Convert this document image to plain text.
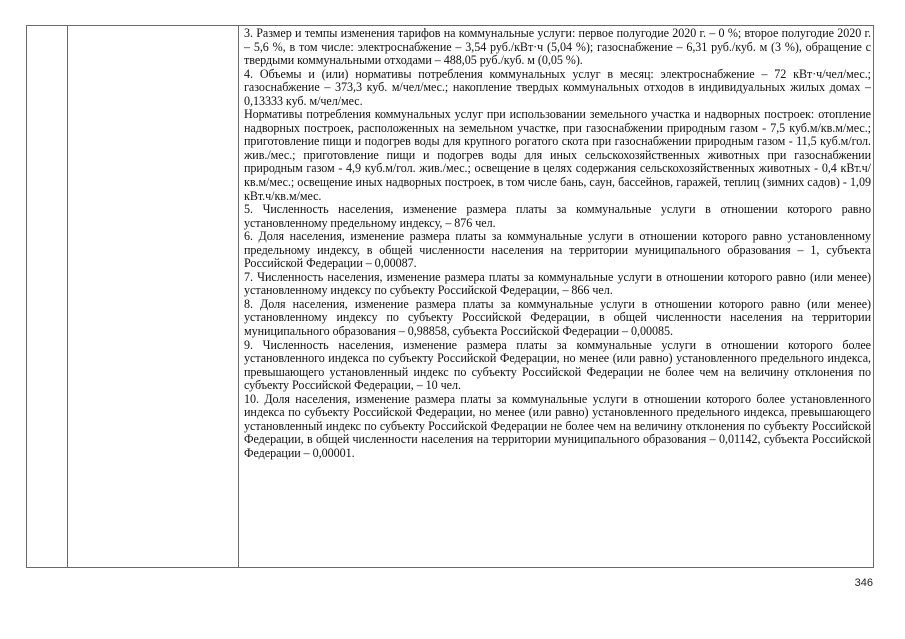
3. Размер и темпы изменения тарифов на коммунальные услуги: первое полугодие 2020 г. – 0 %; второе полугодие 2020 г. – 5,6 %, в том числе: электроснабжение – 3,54 руб./кВт·ч (5,04 %); газоснабжение – 6,31 руб./куб. м (3 %), обращение с твердыми коммунальными отходами – 488,05 руб./куб. м (0,05 %).

4. Объемы и (или) нормативы потребления коммунальных услуг в месяц: электроснабжение – 72 кВт·ч/чел/мес.; газоснабжение – 373,3 куб. м/чел/мес.; накопление твердых коммунальных отходов в индивидуальных жилых домах – 0,13333 куб. м/чел/мес.

Нормативы потребления коммунальных услуг при использовании земельного участка и надворных построек: отопление надворных построек, расположенных на земельном участке, при газоснабжении природным газом - 7,5 куб.м/кв.м/мес.; приготовление пищи и подогрев воды для крупного рогатого скота при газоснабжении природным газом - 11,5 куб.м/гол. жив./мес.; приготовление пищи и подогрев воды для иных сельскохозяйственных животных при газоснабжении природным газом - 4,9 куб.м/гол. жив./мес.; освещение в целях содержания сельскохозяйственных животных - 0,4 кВт.ч/кв.м/мес.; освещение иных надворных построек, в том числе бань, саун, бассейнов, гаражей, теплиц (зимних садов) - 1,09 кВт.ч/кв.м/мес.

5. Численность населения, изменение размера платы за коммунальные услуги в отношении которого равно установленному предельному индексу, – 876 чел.

6. Доля населения, изменение размера платы за коммунальные услуги в отношении которого равно установленному предельному индексу, в общей численности населения на территории муниципального образования – 1, субъекта Российской Федерации – 0,00087.

7. Численность населения, изменение размера платы за коммунальные услуги в отношении которого равно (или менее) установленному индексу по субъекту Российской Федерации, – 866 чел.

8. Доля населения, изменение размера платы за коммунальные услуги в отношении которого равно (или менее) установленному индексу по субъекту Российской Федерации, в общей численности населения на территории муниципального образования – 0,98858, субъекта Российской Федерации – 0,00085.

9. Численность населения, изменение размера платы за коммунальные услуги в отношении которого более установленного индекса по субъекту Российской Федерации, но менее (или равно) установленного предельного индекса, превышающего установленный индекс по субъекту Российской Федерации не более чем на величину отклонения по субъекту Российской Федерации, – 10 чел.

10. Доля населения, изменение размера платы за коммунальные услуги в отношении которого более установленного индекса по субъекту Российской Федерации, но менее (или равно) установленного предельного индекса, превышающего установленный индекс по субъекту Российской Федерации не более чем на величину отклонения по субъекту Российской Федерации, в общей численности населения на территории муниципального образования – 0,01142, субъекта Российской Федерации – 0,00001.

346
